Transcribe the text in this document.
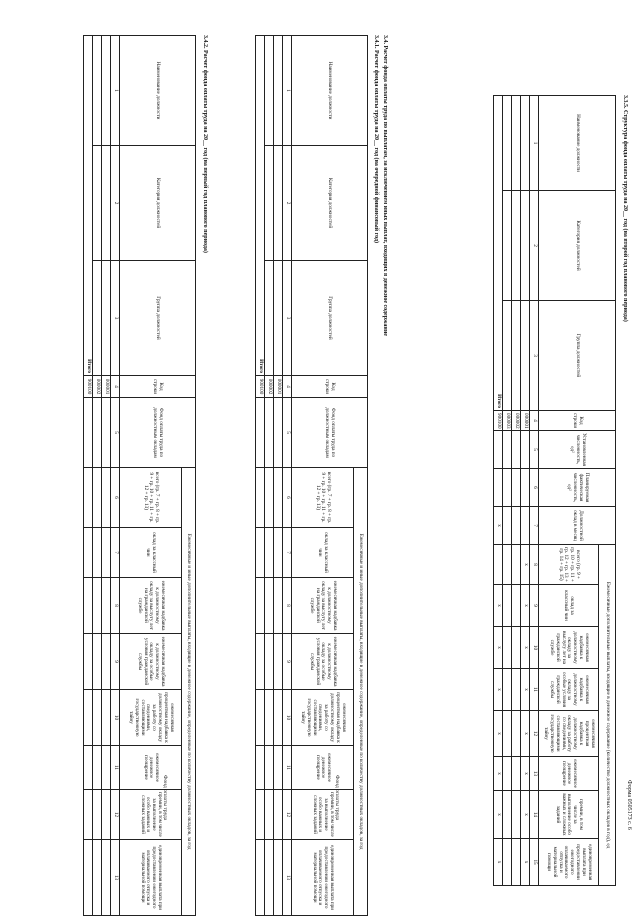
Форма 0505173 с. 6
3.3.5. Структура фонда оплаты труда на 20__ год (на второй год планового периода)
Наименование должности	Категория должностей	Группа должностей	Код строки	Установленная численность, ед²	Планируемая фактическая численность, ед²	Должностной оклад в месяц	Ежемесячные дополнительные выплаты, входящие в денежное содержание (количество должностных окладов в год), ед							
							всего (гр. 9 + гр. 10 + гр. 11 + гр. 12 + гр. 13 + гр. 14 + гр. 15)	оклад за классный чин	ежемесячная надбавка к должностному окладу за выслугу лет на гражданской службе	ежемесячная надбавка к должностному окладу за особые условия гражданской службы	ежемесячная процентная надбавка к должностному окладу за работу со сведениями, составляющими государственную тайну	ежемесячное денежное поощрение	премии, в том числе за выполнение особо важных и сложных заданий	единовременная выплата при предоставлении ежегодного оплачиваемого отпуска и материальной помощи
1	2	3	4	5	6	7	8	9	10	11	12	13	14	15
			000001				x	x	x	x	x	x	x	x
			000002											
			000003											
Итого			900100			x		x	x	x	x	x	x	x
3.4. Расчет фонда оплаты труда по выплатам, за исключением иных выплат, входящих в денежное содержание
3.4.1. Расчет фонда оплаты труда на 20__ год (на очередной финансовый год)
Наименование должности	Категория должностей	Группа должностей	Код строки	Фонд оплаты труда по должностным окладам	Ежемесячные и иные дополнительные выплаты, входящие в денежное содержание, определенные по количеству должностных окладов, за год							
					всего (гр. 7 + гр. 8 + гр. 9 + гр. 10 + гр. 11 + гр. 12 + гр. 13)	оклад за классный чин	ежемесячная надбавка к должностному окладу за выслугу лет на гражданской службе	ежемесячная надбавка к должностному окладу за особые условия гражданской службы	ежемесячная процентная надбавка к должностному окладу за работу со сведениями, составляющими государственную тайну	ежемесячное денежное поощрение	премии, в том числе за выполнение особо важных и сложных заданий	единовременная выплата при предоставлении ежегодного оплачиваемого отпуска и материальной помощи
1	2	3	4	5	6	7	8	9	10	11	12	13
			000001									
			000002									
Итого			900100									
Фонд оплаты труда
3.4.2. Расчет фонда оплаты труда на 20__ год (на первый год планового периода)
Наименование должности	Категория должностей	Группа должностей	Код строки	Фонд оплаты труда по должностным окладам	Ежемесячные и иные дополнительные выплаты, входящие в денежное содержание, определенные по количеству должностных окладов, за год							
					всего (гр. 7 + гр. 8 + гр. 9 + гр. 10 + гр. 11 + гр. 12 + гр. 13)	оклад за классный чин	ежемесячная надбавка к должностному окладу за выслугу лет на гражданской службе	ежемесячная надбавка к должностному окладу за особые условия гражданской службы	ежемесячная процентная надбавка к должностному окладу за работу со сведениями, составляющими государственную тайну	ежемесячное денежное поощрение	премии, в том числе за выполнение особо важных и сложных заданий	единовременная выплата при предоставлении ежегодного оплачиваемого отпуска и материальной помощи
1	2	3	4	5	6	7	8	9	10	11	12	13
			000001									
			000002									
Итого			900100									
Фонд оплаты труда
